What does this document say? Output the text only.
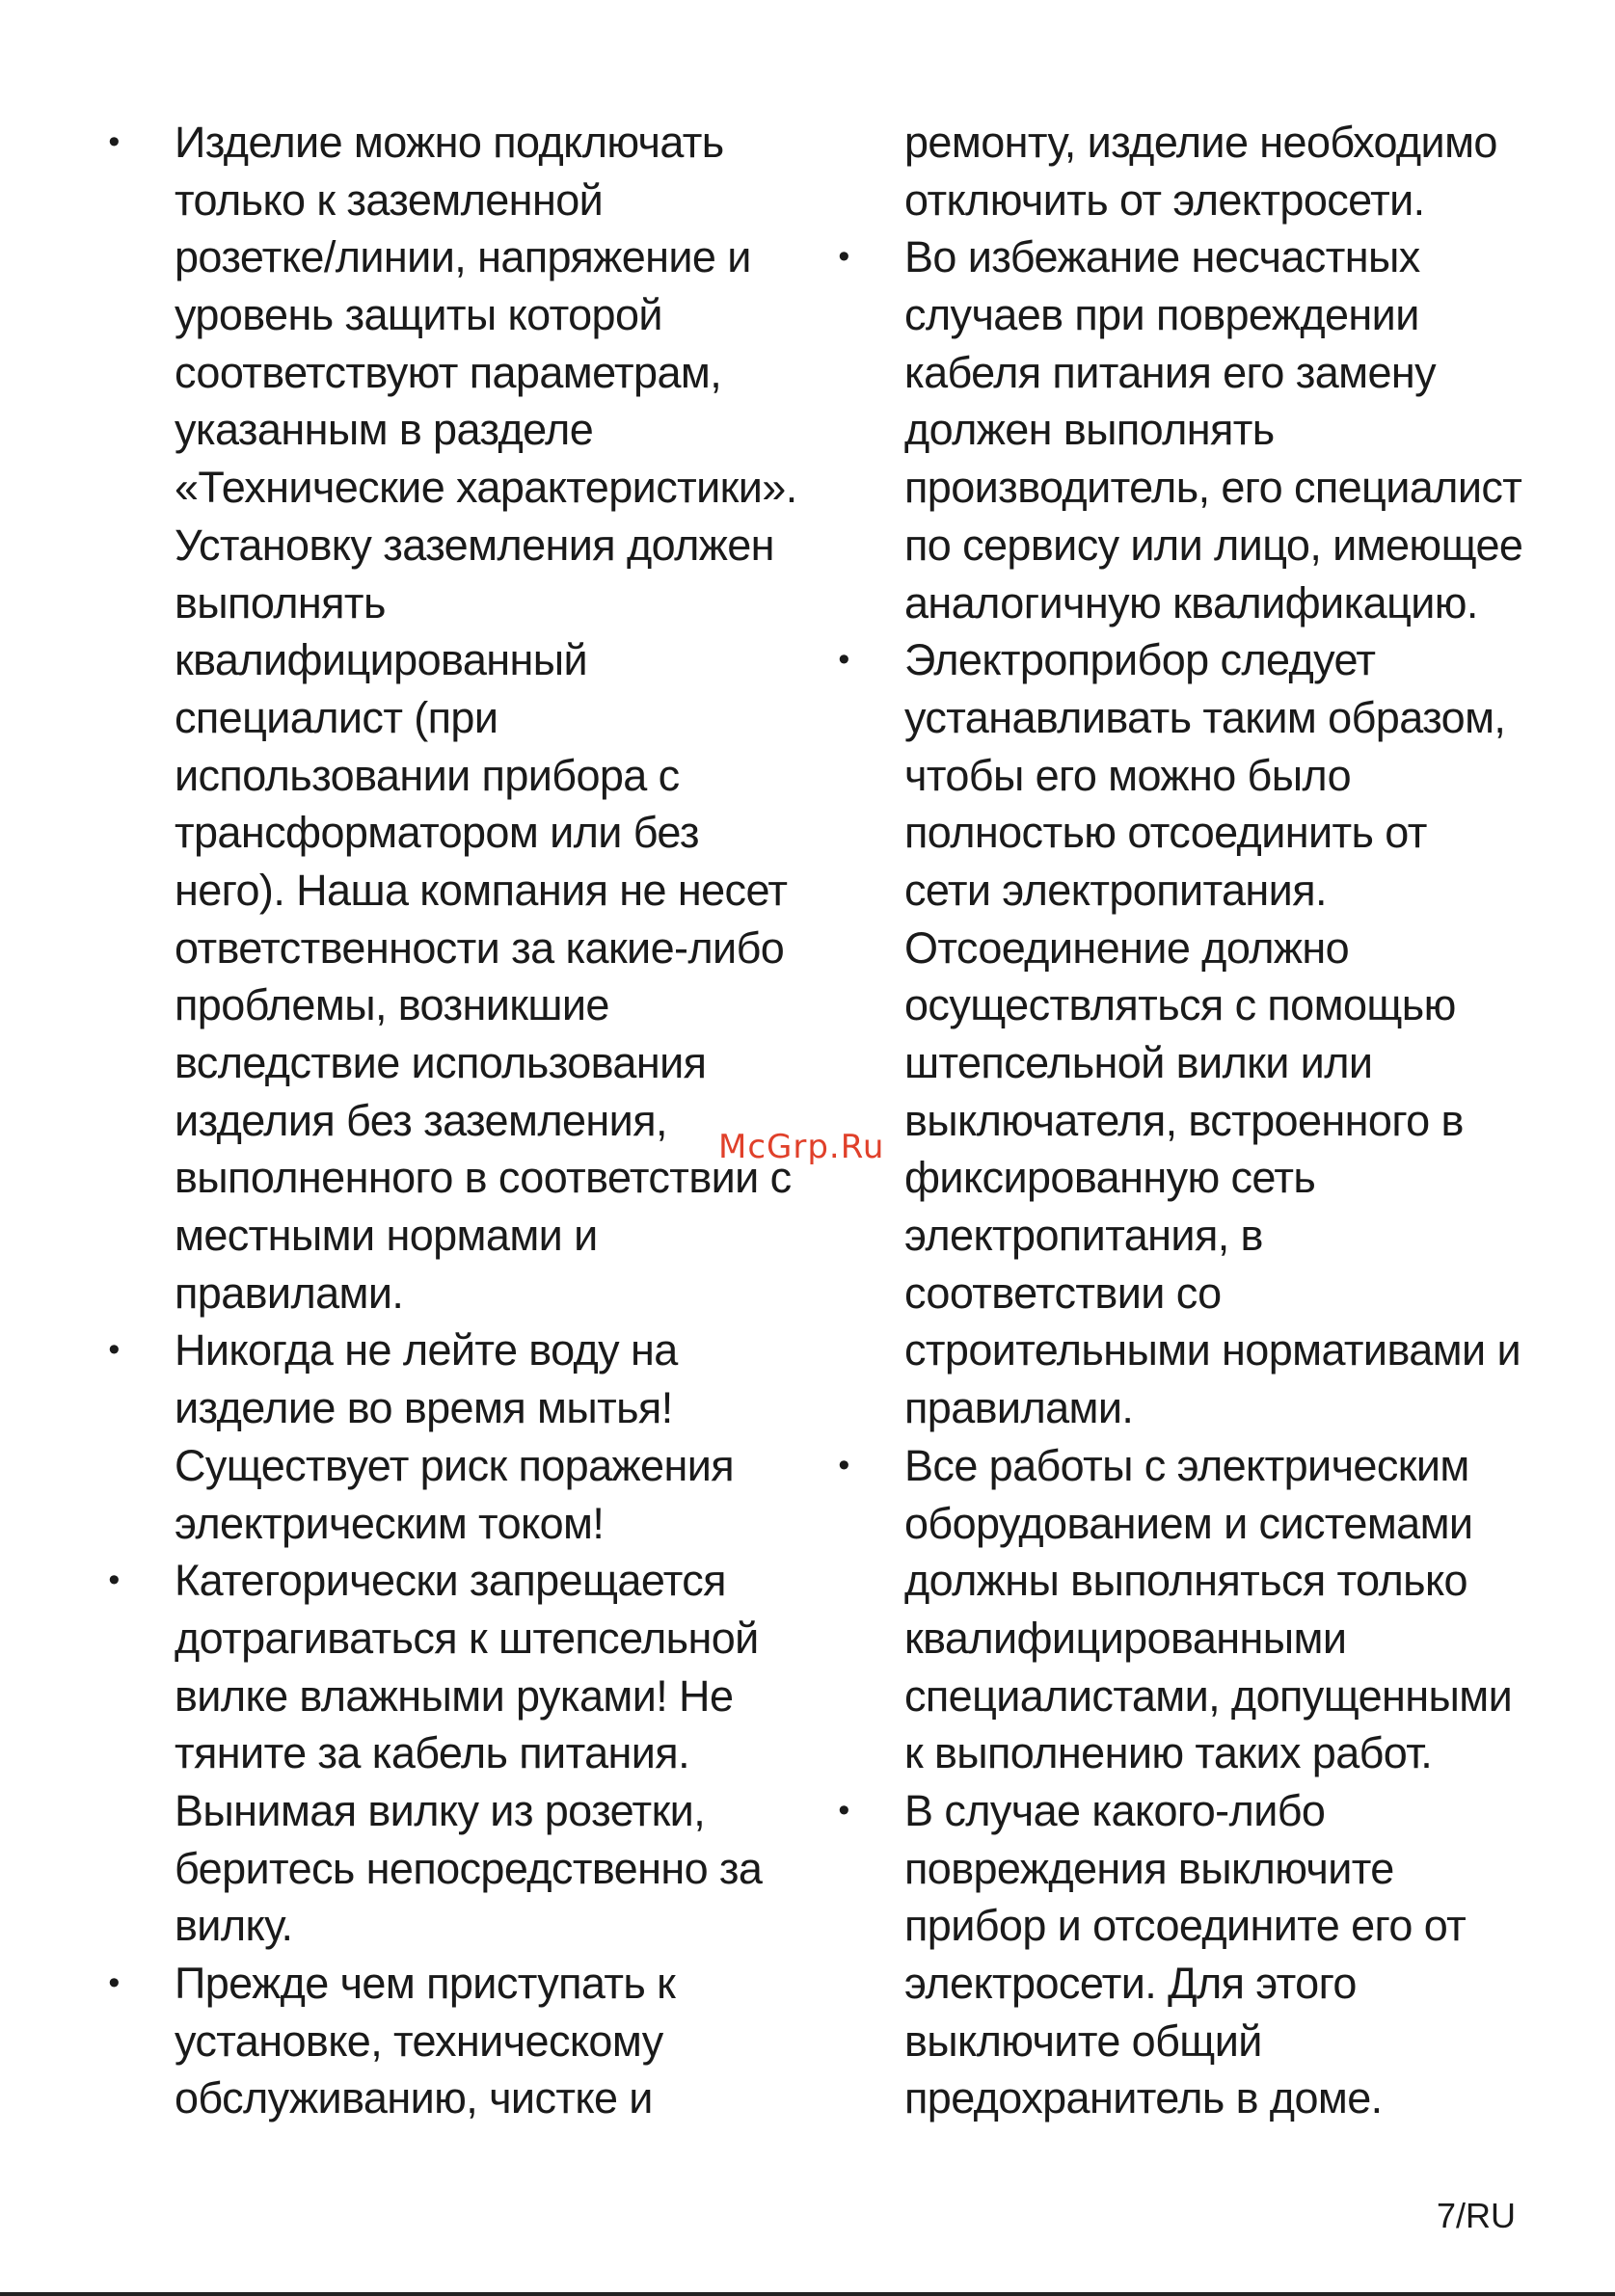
• Изделие можно подключать
только к заземленной
розетке/линии, напряжение и
уровень защиты которой
соответствуют параметрам,
указанным в разделе
«Технические характеристики».
Установку заземления должен
выполнять
квалифицированный
специалист (при
использовании прибора с
трансформатором или без
него). Наша компания не несет
ответственности за какие-либо
проблемы, возникшие
вследствие использования
изделия без заземления,
выполненного в соответствии с
местными нормами и
правилами.
• Никогда не лейте воду на
изделие во время мытья!
Существует риск поражения
электрическим током!
• Категорически запрещается
дотрагиваться к штепсельной
вилке влажными руками! Не
тяните за кабель питания.
Вынимая вилку из розетки,
беритесь непосредственно за
вилку.
• Прежде чем приступать к
установке, техническому
обслуживанию, чистке и
ремонту, изделие необходимо
отключить от электросети.
• Во избежание несчастных
случаев при повреждении
кабеля питания его замену
должен выполнять
производитель, его специалист
по сервису или лицо, имеющее
аналогичную квалификацию.
• Электроприбор следует
устанавливать таким образом,
чтобы его можно было
полностью отсоединить от
сети электропитания.
Отсоединение должно
осуществляться с помощью
штепсельной вилки или
выключателя, встроенного в
фиксированную сеть
электропитания, в
соответствии со
строительными нормативами и
правилами.
• Все работы с электрическим
оборудованием и системами
должны выполняться только
квалифицированными
специалистами, допущенными
к выполнению таких работ.
• В случае какого-либо
повреждения выключите
прибор и отсоедините его от
электросети. Для этого
выключите общий
предохранитель в доме.
McGrp.Ru
7/RU
